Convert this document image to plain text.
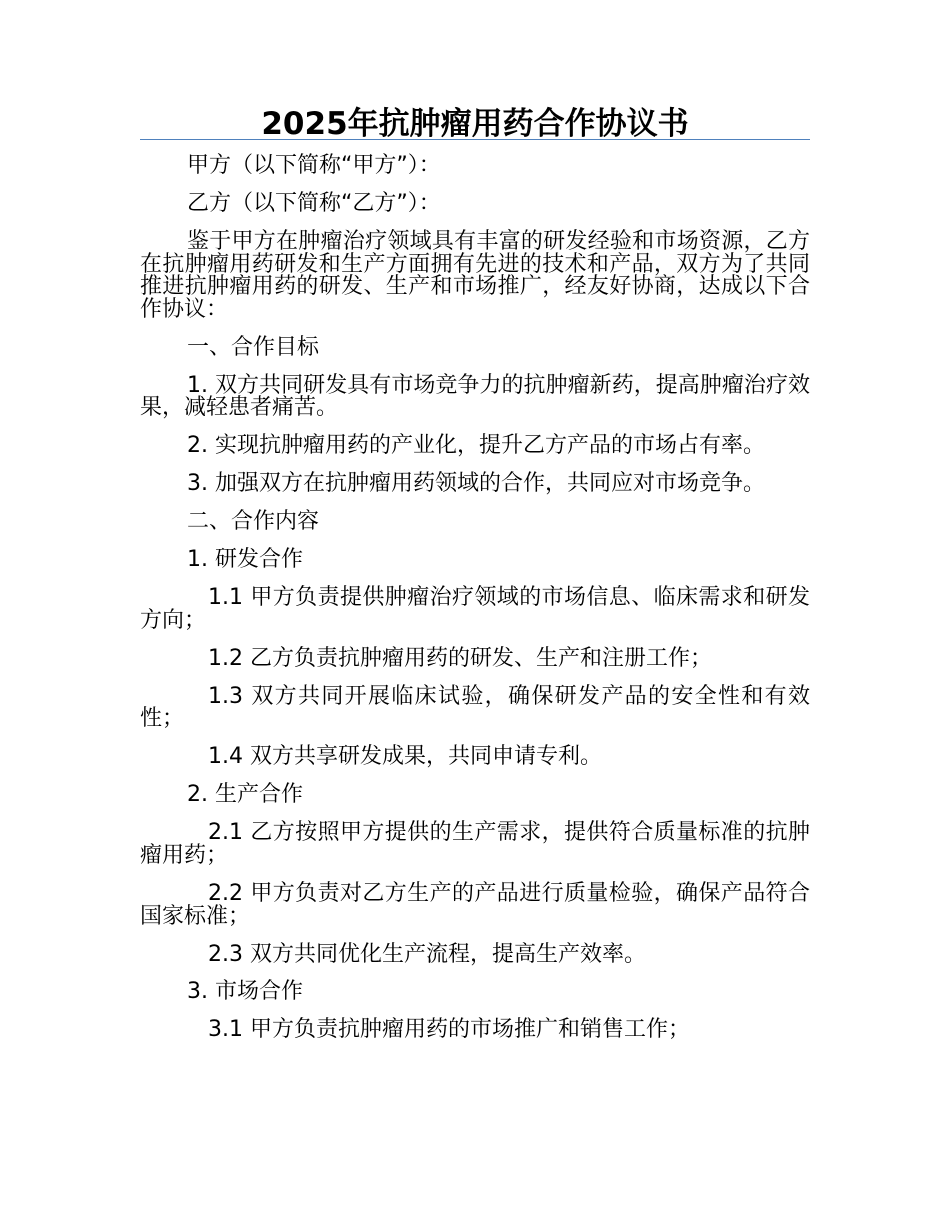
2025年抗肿瘤用药合作协议书

甲方（以下简称“甲方”）：

乙方（以下简称“乙方”）：

鉴于甲方在肿瘤治疗领域具有丰富的研发经验和市场资源，乙方在抗肿瘤用药研发和生产方面拥有先进的技术和产品，双方为了共同推进抗肿瘤用药的研发、生产和市场推广，经友好协商，达成以下合作协议：

一、合作目标

1. 双方共同研发具有市场竞争力的抗肿瘤新药，提高肿瘤治疗效果，减轻患者痛苦。

2. 实现抗肿瘤用药的产业化，提升乙方产品的市场占有率。

3. 加强双方在抗肿瘤用药领域的合作，共同应对市场竞争。

二、合作内容

1. 研发合作

1.1 甲方负责提供肿瘤治疗领域的市场信息、临床需求和研发方向；

1.2 乙方负责抗肿瘤用药的研发、生产和注册工作；

1.3 双方共同开展临床试验，确保研发产品的安全性和有效性；

1.4 双方共享研发成果，共同申请专利。

2. 生产合作

2.1 乙方按照甲方提供的生产需求，提供符合质量标准的抗肿瘤用药；

2.2 甲方负责对乙方生产的产品进行质量检验，确保产品符合国家标准；

2.3 双方共同优化生产流程，提高生产效率。

3. 市场合作

3.1 甲方负责抗肿瘤用药的市场推广和销售工作；
